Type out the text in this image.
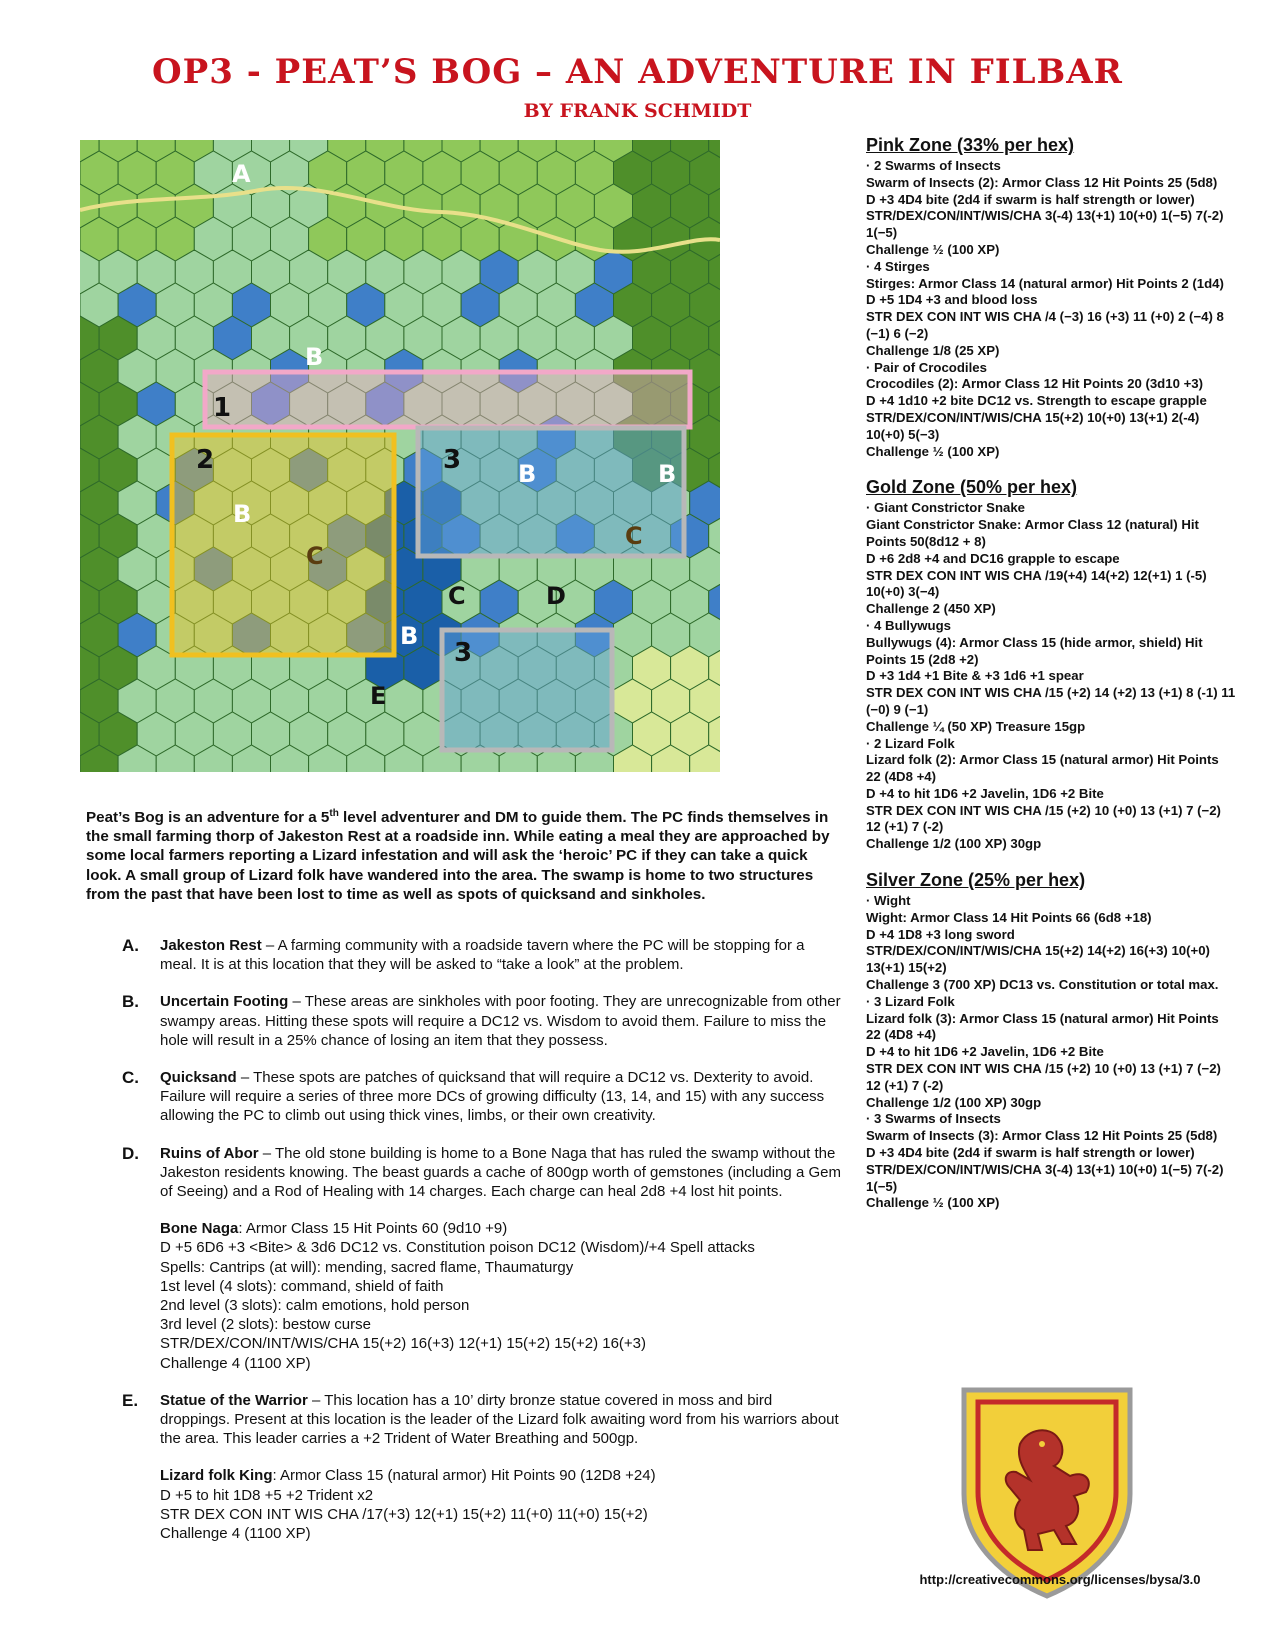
OP3 - PEAT’S BOG – AN ADVENTURE IN FILBAR
BY FRANK SCHMIDT
1
2	3
3
A
B
B	B
B
B
C
C
C
D
E
Peat’s Bog is an adventure for a 5th level adventurer and DM to guide them. The PC finds themselves in the small farming thorp of Jakeston Rest at a roadside inn. While eating a meal they are approached by some local farmers reporting a Lizard infestation and will ask the ‘heroic’ PC if they can take a quick look. A small group of Lizard folk have wandered into the area. The swamp is home to two structures from the past that have been lost to time as well as spots of quicksand and sinkholes.
A. Jakeston Rest – A farming community with a roadside tavern where the PC will be stopping for a meal. It is at this location that they will be asked to “take a look” at the problem.
B. Uncertain Footing – These areas are sinkholes with poor footing. They are unrecognizable from other swampy areas. Hitting these spots will require a DC12 vs. Wisdom to avoid them. Failure to miss the hole will result in a 25% chance of losing an item that they possess.
C. Quicksand – These spots are patches of quicksand that will require a DC12 vs. Dexterity to avoid. Failure will require a series of three more DCs of growing difficulty (13, 14, and 15) with any success allowing the PC to climb out using thick vines, limbs, or their own creativity.
D. Ruins of Abor – The old stone building is home to a Bone Naga that has ruled the swamp without the Jakeston residents knowing. The beast guards a cache of 800gp worth of gemstones (including a Gem of Seeing) and a Rod of Healing with 14 charges. Each charge can heal 2d8 +4 lost hit points.
Bone Naga: Armor Class 15 Hit Points 60 (9d10 +9)
D +5 6D6 +3 <Bite> & 3d6 DC12 vs. Constitution poison DC12 (Wisdom)/+4 Spell attacks
Spells: Cantrips (at will): mending, sacred flame, Thaumaturgy
1st level (4 slots): command, shield of faith
2nd level (3 slots): calm emotions, hold person
3rd level (2 slots): bestow curse
STR/DEX/CON/INT/WIS/CHA 15(+2) 16(+3) 12(+1) 15(+2) 15(+2) 16(+3)
Challenge 4 (1100 XP)
E. Statue of the Warrior – This location has a 10’ dirty bronze statue covered in moss and bird droppings. Present at this location is the leader of the Lizard folk awaiting word from his warriors about the area. This leader carries a +2 Trident of Water Breathing and 500gp.
Lizard folk King: Armor Class 15 (natural armor) Hit Points 90 (12D8 +24)
D +5 to hit 1D8 +5 +2 Trident x2
STR DEX CON INT WIS CHA /17(+3) 12(+1) 15(+2) 11(+0) 11(+0) 15(+2)
Challenge 4 (1100 XP)
Pink Zone (33% per hex)
· 2 Swarms of Insects
Swarm of Insects (2): Armor Class 12 Hit Points 25 (5d8)
D +3 4D4 bite (2d4 if swarm is half strength or lower)
STR/DEX/CON/INT/WIS/CHA 3(-4) 13(+1) 10(+0) 1(−5) 7(-2) 1(−5)
Challenge ½ (100 XP)
· 4 Stirges
Stirges: Armor Class 14 (natural armor) Hit Points 2 (1d4)
D +5 1D4 +3 and blood loss
STR DEX CON INT WIS CHA /4 (−3) 16 (+3) 11 (+0) 2 (−4) 8 (−1) 6 (−2)
Challenge 1/8 (25 XP)
· Pair of Crocodiles
Crocodiles (2): Armor Class 12 Hit Points 20 (3d10 +3)
D +4 1d10 +2 bite DC12 vs. Strength to escape grapple
STR/DEX/CON/INT/WIS/CHA 15(+2) 10(+0) 13(+1) 2(-4) 10(+0) 5(−3)
Challenge ½ (100 XP)
Gold Zone (50% per hex)
· Giant Constrictor Snake
Giant Constrictor Snake: Armor Class 12 (natural) Hit Points 50(8d12 + 8)
D +6 2d8 +4 and DC16 grapple to escape
STR DEX CON INT WIS CHA /19(+4) 14(+2) 12(+1) 1 (-5) 10(+0) 3(−4)
Challenge 2 (450 XP)
· 4 Bullywugs
Bullywugs (4): Armor Class 15 (hide armor, shield) Hit Points 15 (2d8 +2)
D +3 1d4 +1 Bite & +3 1d6 +1 spear
STR DEX CON INT WIS CHA /15 (+2) 14 (+2) 13 (+1) 8 (-1) 11 (−0) 9 (−1)
Challenge ¼ (50 XP) Treasure 15gp
· 2 Lizard Folk
Lizard folk (2): Armor Class 15 (natural armor) Hit Points 22 (4D8 +4)
D +4 to hit 1D6 +2 Javelin, 1D6 +2 Bite
STR DEX CON INT WIS CHA /15 (+2) 10 (+0) 13 (+1) 7 (−2) 12 (+1) 7 (-2)
Challenge 1/2 (100 XP) 30gp
Silver Zone (25% per hex)
· Wight
Wight: Armor Class 14 Hit Points 66 (6d8 +18)
D +4 1D8 +3 long sword
STR/DEX/CON/INT/WIS/CHA 15(+2) 14(+2) 16(+3) 10(+0) 13(+1) 15(+2)
Challenge 3 (700 XP) DC13 vs. Constitution or total max.
· 3 Lizard Folk
Lizard folk (3): Armor Class 15 (natural armor) Hit Points 22 (4D8 +4)
D +4 to hit 1D6 +2 Javelin, 1D6 +2 Bite
STR DEX CON INT WIS CHA /15 (+2) 10 (+0) 13 (+1) 7 (−2) 12 (+1) 7 (-2)
Challenge 1/2 (100 XP) 30gp
· 3 Swarms of Insects
Swarm of Insects (3): Armor Class 12 Hit Points 25 (5d8)
D +3 4D4 bite (2d4 if swarm is half strength or lower)
STR/DEX/CON/INT/WIS/CHA 3(-4) 13(+1) 10(+0) 1(−5) 7(-2) 1(−5)
Challenge ½ (100 XP)
http://creativecommons.org/licenses/bysa/3.0
